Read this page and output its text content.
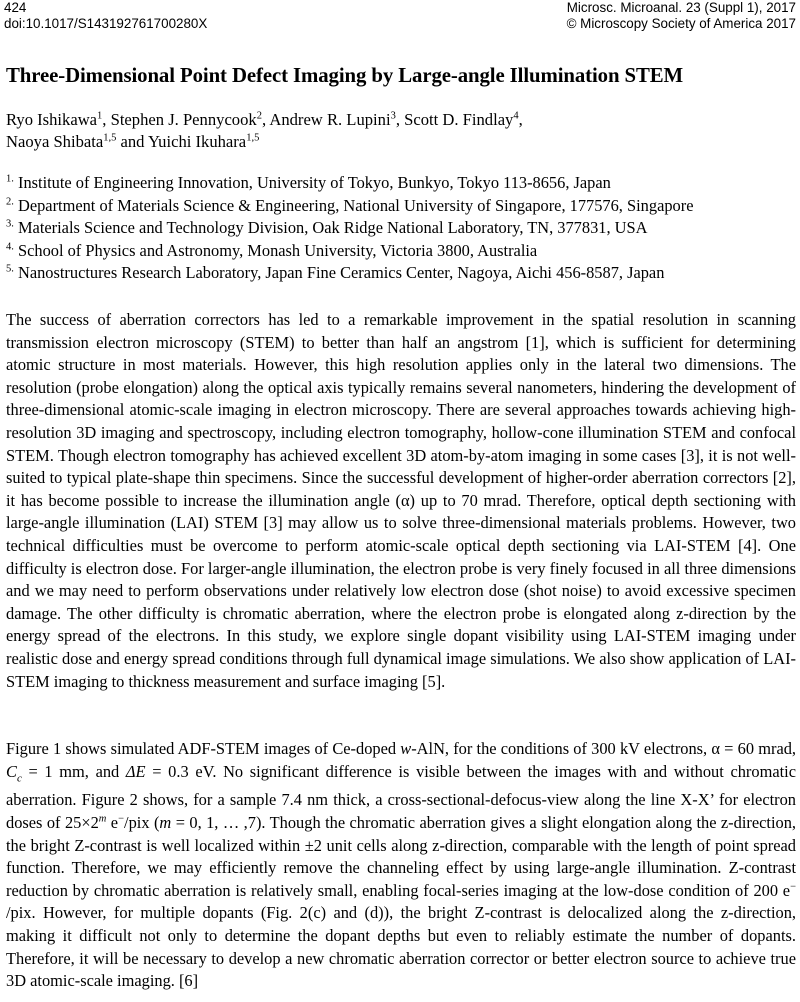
424	Microsc. Microanal. 23 (Suppl 1), 2017
doi:10.1017/S143192761700280X	© Microscopy Society of America 2017
Three-Dimensional Point Defect Imaging by Large-angle Illumination STEM
Ryo Ishikawa$^1$, Stephen J. Pennycook$^2$, Andrew R. Lupini$^3$, Scott D. Findlay$^4$,
Naoya Shibata$^{1,5}$ and Yuichi Ikuhara$^{1,5}$
$^{1.}$ Institute of Engineering Innovation, University of Tokyo, Bunkyo, Tokyo 113-8656, Japan
$^{2.}$ Department of Materials Science & Engineering, National University of Singapore, 177576, Singapore
$^{3.}$ Materials Science and Technology Division, Oak Ridge National Laboratory, TN, 377831, USA
$^{4.}$ School of Physics and Astronomy, Monash University, Victoria 3800, Australia
$^{5.}$ Nanostructures Research Laboratory, Japan Fine Ceramics Center, Nagoya, Aichi 456-8587, Japan
The success of aberration correctors has led to a remarkable improvement in the spatial resolution in scanning transmission electron microscopy (STEM) to better than half an angstrom [1], which is sufficient for determining atomic structure in most materials. However, this high resolution applies only in the lateral two dimensions. The resolution (probe elongation) along the optical axis typically remains several nanometers, hindering the development of three-dimensional atomic-scale imaging in electron microscopy. There are several approaches towards achieving high-resolution 3D imaging and spectroscopy, including electron tomography, hollow-cone illumination STEM and confocal STEM. Though electron tomography has achieved excellent 3D atom-by-atom imaging in some cases [3], it is not well-suited to typical plate-shape thin specimens. Since the successful development of higher-order aberration correctors [2], it has become possible to increase the illumination angle (α) up to 70 mrad. Therefore, optical depth sectioning with large-angle illumination (LAI) STEM [3] may allow us to solve three-dimensional materials problems. However, two technical difficulties must be overcome to perform atomic-scale optical depth sectioning via LAI-STEM [4]. One difficulty is electron dose. For larger-angle illumination, the electron probe is very finely focused in all three dimensions and we may need to perform observations under relatively low electron dose (shot noise) to avoid excessive specimen damage. The other difficulty is chromatic aberration, where the electron probe is elongated along z-direction by the energy spread of the electrons. In this study, we explore single dopant visibility using LAI-STEM imaging under realistic dose and energy spread conditions through full dynamical image simulations. We also show application of LAI-STEM imaging to thickness measurement and surface imaging [5].
Figure 1 shows simulated ADF-STEM images of Ce-doped w-AlN, for the conditions of 300 kV electrons, α = 60 mrad, $C_c = 1$ mm, and ΔE = 0.3 eV. No significant difference is visible between the images with and without chromatic aberration. Figure 2 shows, for a sample 7.4 nm thick, a cross-sectional-defocus-view along the line X-X’ for electron doses of $25\times 2^m$ e−/pix (m = 0, 1, … ,7). Though the chromatic aberration gives a slight elongation along the z-direction, the bright Z-contrast is well localized within ±2 unit cells along z-direction, comparable with the length of point spread function. Therefore, we may efficiently remove the channeling effect by using large-angle illumination. Z-contrast reduction by chromatic aberration is relatively small, enabling focal-series imaging at the low-dose condition of 200 e− /pix. However, for multiple dopants (Fig. 2(c) and (d)), the bright Z-contrast is delocalized along the z-direction, making it difficult not only to determine the dopant depths but even to reliably estimate the number of dopants. Therefore, it will be necessary to develop a new chromatic aberration corrector or better electron source to achieve true 3D atomic-scale imaging. [6]
